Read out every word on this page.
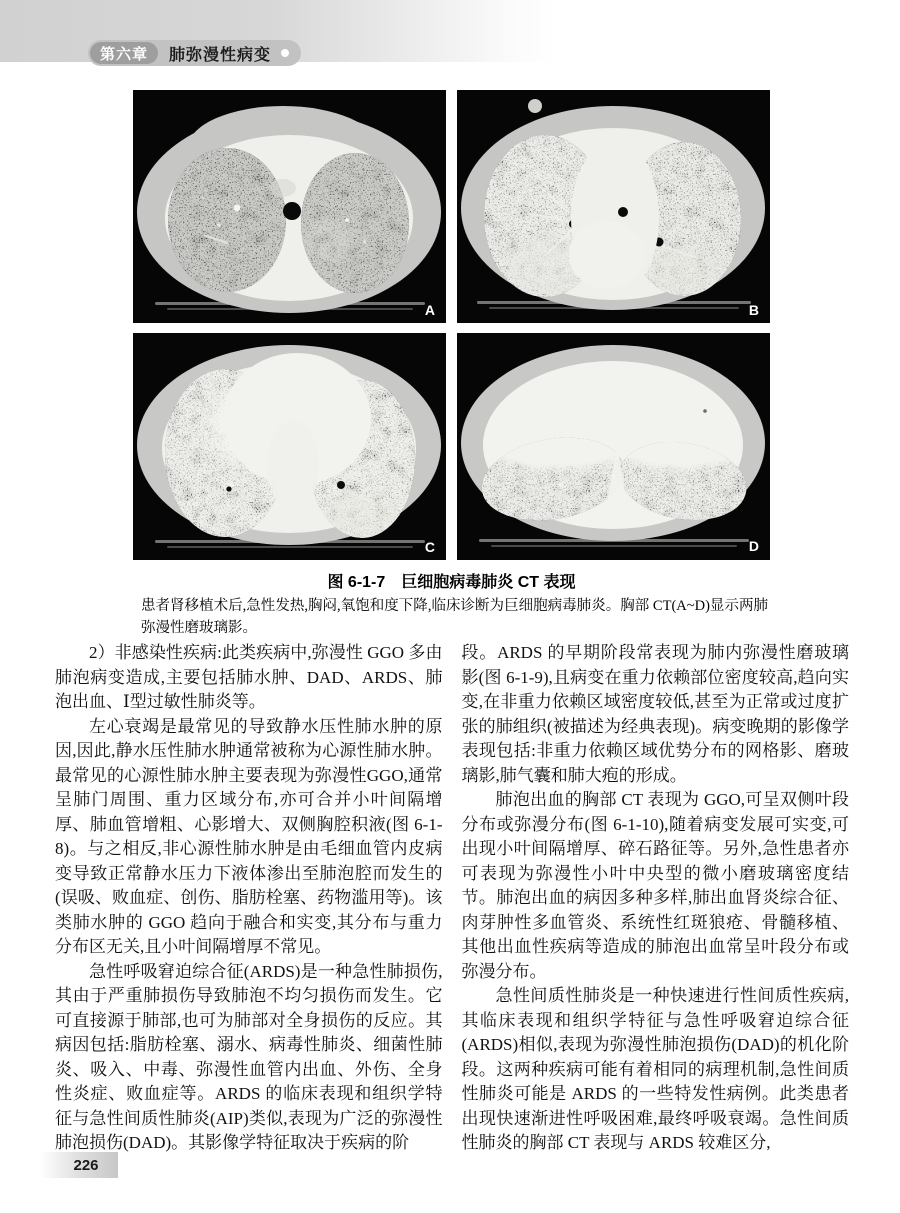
第六章	肺弥漫性病变
A	B
C	D
图 6-1-7　巨细胞病毒肺炎 CT 表现
患者肾移植术后,急性发热,胸闷,氧饱和度下降,临床诊断为巨细胞病毒肺炎。胸部 CT(A~D)显示两肺弥漫性磨玻璃影。

2）非感染性疾病:此类疾病中,弥漫性 GGO 多由肺泡病变造成,主要包括肺水肿、DAD、ARDS、肺泡出血、Ⅰ型过敏性肺炎等。

左心衰竭是最常见的导致静水压性肺水肿的原因,因此,静水压性肺水肿通常被称为心源性肺水肿。最常见的心源性肺水肿主要表现为弥漫性GGO,通常呈肺门周围、重力区域分布,亦可合并小叶间隔增厚、肺血管增粗、心影增大、双侧胸腔积液(图 6-1-8)。与之相反,非心源性肺水肿是由毛细血管内皮病变导致正常静水压力下液体渗出至肺泡腔而发生的(误吸、败血症、创伤、脂肪栓塞、药物滥用等)。该类肺水肿的 GGO 趋向于融合和实变,其分布与重力分布区无关,且小叶间隔增厚不常见。

急性呼吸窘迫综合征(ARDS)是一种急性肺损伤,其由于严重肺损伤导致肺泡不均匀损伤而发生。它可直接源于肺部,也可为肺部对全身损伤的反应。其病因包括:脂肪栓塞、溺水、病毒性肺炎、细菌性肺炎、吸入、中毒、弥漫性血管内出血、外伤、全身性炎症、败血症等。ARDS 的临床表现和组织学特征与急性间质性肺炎(AIP)类似,表现为广泛的弥漫性肺泡损伤(DAD)。其影像学特征取决于疾病的阶

段。ARDS 的早期阶段常表现为肺内弥漫性磨玻璃影(图 6-1-9),且病变在重力依赖部位密度较高,趋向实变,在非重力依赖区域密度较低,甚至为正常或过度扩张的肺组织(被描述为经典表现)。病变晚期的影像学表现包括:非重力依赖区域优势分布的网格影、磨玻璃影,肺气囊和肺大疱的形成。

肺泡出血的胸部 CT 表现为 GGO,可呈双侧叶段分布或弥漫分布(图 6-1-10),随着病变发展可实变,可出现小叶间隔增厚、碎石路征等。另外,急性患者亦可表现为弥漫性小叶中央型的微小磨玻璃密度结节。肺泡出血的病因多种多样,肺出血肾炎综合征、肉芽肿性多血管炎、系统性红斑狼疮、骨髓移植、其他出血性疾病等造成的肺泡出血常呈叶段分布或弥漫分布。

急性间质性肺炎是一种快速进行性间质性疾病,其临床表现和组织学特征与急性呼吸窘迫综合征(ARDS)相似,表现为弥漫性肺泡损伤(DAD)的机化阶段。这两种疾病可能有着相同的病理机制,急性间质性肺炎可能是 ARDS 的一些特发性病例。此类患者出现快速渐进性呼吸困难,最终呼吸衰竭。急性间质性肺炎的胸部 CT 表现与 ARDS 较难区分,

226
